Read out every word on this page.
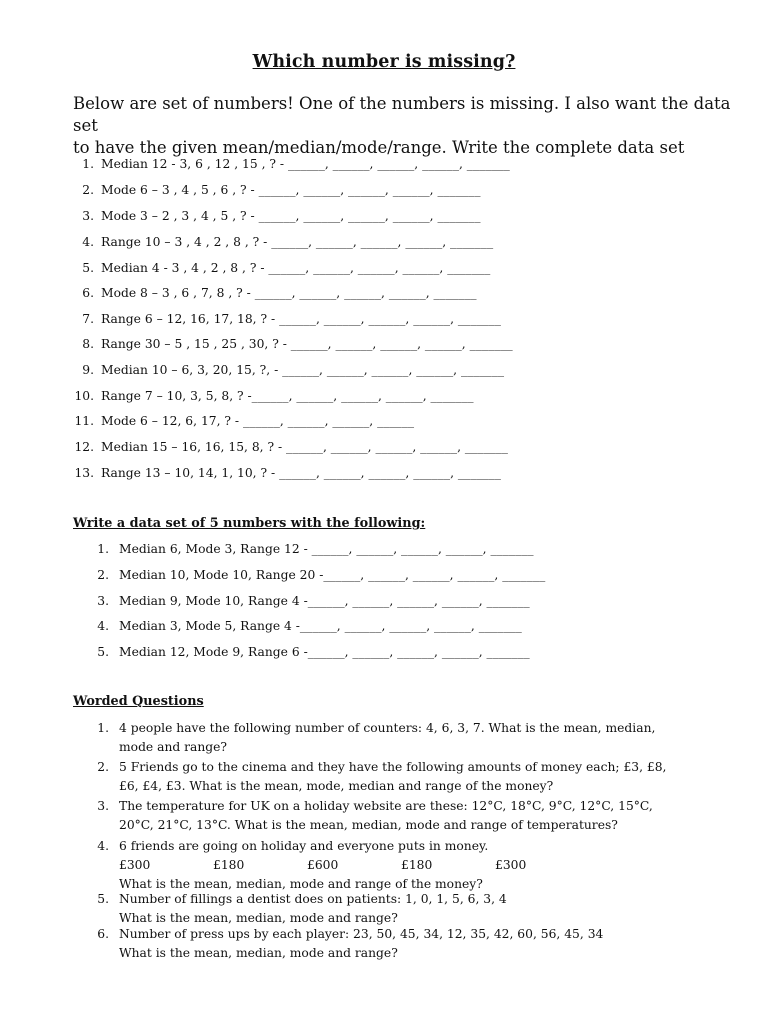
Which number is missing?

Below are set of numbers! One of the numbers is missing. I also want the data set

to have the given mean/median/mode/range. Write the complete data set

1. Median 12 - 3, 6 , 12 , 15 , ? - ______, ______, ______, ______, _______
2. Mode 6 – 3 , 4 , 5 , 6 , ? - ______, ______, ______, ______, _______
3. Mode 3 – 2 , 3 , 4 , 5 , ? - ______, ______, ______, ______, _______
4. Range 10 – 3 , 4 , 2 , 8 , ? - ______, ______, ______, ______, _______
5. Median 4 - 3 , 4 , 2 , 8 , ? - ______, ______, ______, ______, _______
6. Mode 8 – 3 , 6 , 7, 8 , ? - ______, ______, ______, ______, _______
7. Range 6 – 12, 16, 17, 18, ? - ______, ______, ______, ______, _______
8. Range 30 – 5 , 15 , 25 , 30, ? - ______, ______, ______, ______, _______
9. Median 10 – 6, 3, 20, 15, ?, - ______, ______, ______, ______, _______
10. Range 7 – 10, 3, 5, 8, ? -______, ______, ______, ______, _______
11. Mode 6 – 12, 6, 17, ? - ______, ______, ______, ______
12. Median 15 – 16, 16, 15, 8, ? - ______, ______, ______, ______, _______
13. Range 13 – 10, 14, 1, 10, ? - ______, ______, ______, ______, _______
Write a data set of 5 numbers with the following:
1. Median 6, Mode 3, Range 12 - ______, ______, ______, ______, _______
2. Median 10, Mode 10, Range 20 -______, ______, ______, ______, _______
3. Median 9, Mode 10, Range 4 -______, ______, ______, ______, _______
4. Median 3, Mode 5, Range 4 -______, ______, ______, ______, _______
5. Median 12, Mode 9, Range 6 -______, ______, ______, ______, _______
Worded Questions
1. 4 people have the following number of counters: 4, 6, 3, 7. What is the mean, median,
mode and range?
2. 5 Friends go to the cinema and they have the following amounts of money each; £3, £8,
£6, £4, £3. What is the mean, mode, median and range of the money?
3. The temperature for UK on a holiday website are these: 12°C, 18°C, 9°C, 12°C, 15°C,
20°C, 21°C, 13°C. What is the mean, median, mode and range of temperatures?
4. 6 friends are going on holiday and everyone puts in money.
£300	£180	£600	£180	£300
What is the mean, median, mode and range of the money?
5. Number of fillings a dentist does on patients: 1, 0, 1, 5, 6, 3, 4
What is the mean, median, mode and range?
6. Number of press ups by each player: 23, 50, 45, 34, 12, 35, 42, 60, 56, 45, 34
What is the mean, median, mode and range?
